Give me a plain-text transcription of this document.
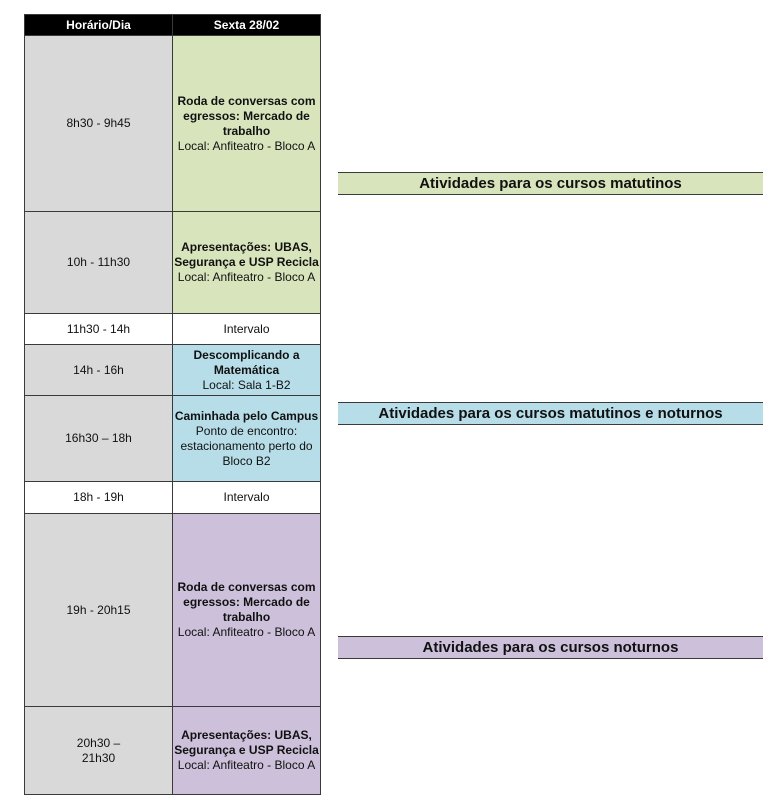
Horário/Dia	Sexta 28/02
8h30 - 9h45	Roda de conversas com
egressos: Mercado de trabalho
Local: Anfiteatro - Bloco A

10h - 11h30	Apresentações: UBAS,
Segurança e USP Recicla
Local: Anfiteatro - Bloco A

11h30 - 14h	Intervalo

14h - 16h	Descomplicando a Matemática
Local: Sala 1-B2

16h30 – 18h	Caminhada pelo Campus
Ponto de encontro:
estacionamento perto do Bloco B2

18h - 19h	Intervalo

19h - 20h15	Roda de conversas com
egressos: Mercado de trabalho
Local: Anfiteatro - Bloco A

20h30 –
21h30	Apresentações: UBAS,
Segurança e USP Recicla
Local: Anfiteatro - Bloco A
Atividades para os cursos matutinos
Atividades para os cursos matutinos e noturnos
Atividades para os cursos noturnos
